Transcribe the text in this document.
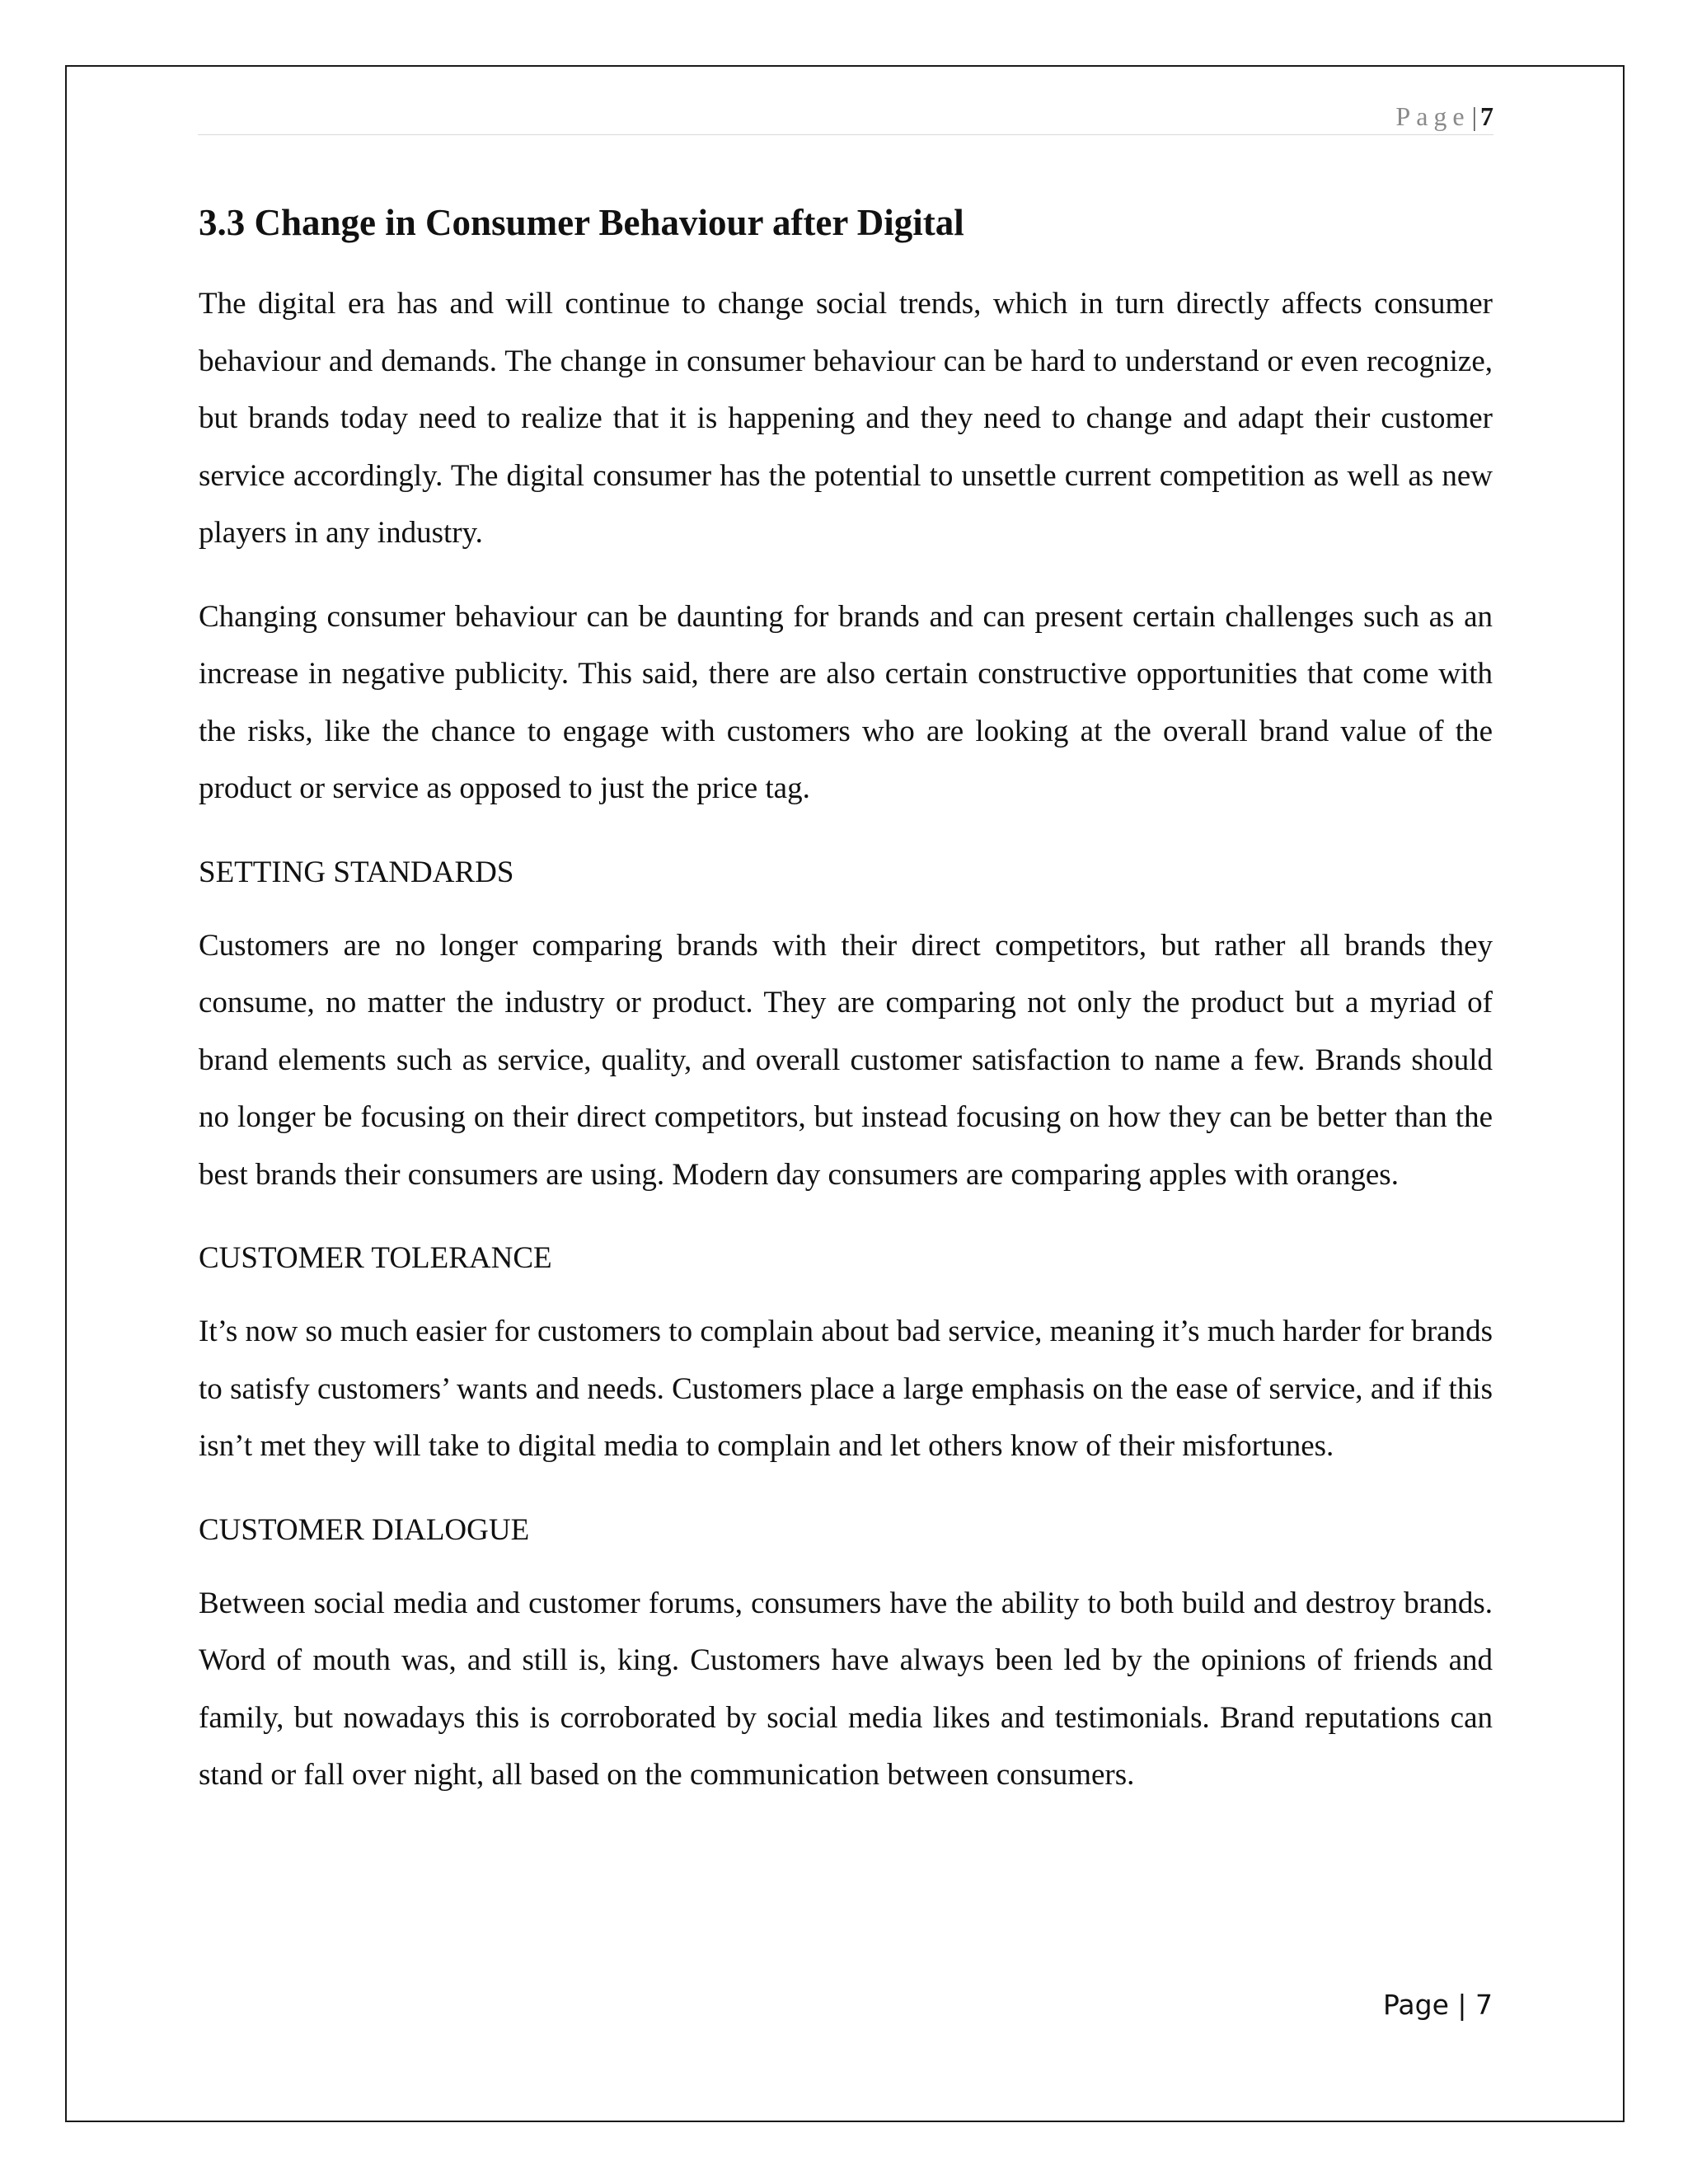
Page| 7
3.3 Change in Consumer Behaviour after Digital

The digital era has and will continue to change social trends, which in turn directly affects consumer behaviour and demands. The change in consumer behaviour can be hard to understand or even recognize, but brands today need to realize that it is happening and they need to change and adapt their customer service accordingly. The digital consumer has the potential to unsettle current competition as well as new players in any industry.

Changing consumer behaviour can be daunting for brands and can present certain challenges such as an increase in negative publicity. This said, there are also certain constructive opportunities that come with the risks, like the chance to engage with customers who are looking at the overall brand value of the product or service as opposed to just the price tag.

SETTING STANDARDS

Customers are no longer comparing brands with their direct competitors, but rather all brands they consume, no matter the industry or product. They are comparing not only the product but a myriad of brand elements such as service, quality, and overall customer satisfaction to name a few. Brands should no longer be focusing on their direct competitors, but instead focusing on how they can be better than the best brands their consumers are using. Modern day consumers are comparing apples with oranges.

CUSTOMER TOLERANCE

It’s now so much easier for customers to complain about bad service, meaning it’s much harder for brands to satisfy customers’ wants and needs. Customers place a large emphasis on the ease of service, and if this isn’t met they will take to digital media to complain and let others know of their misfortunes.

CUSTOMER DIALOGUE

Between social media and customer forums, consumers have the ability to both build and destroy brands. Word of mouth was, and still is, king. Customers have always been led by the opinions of friends and family, but nowadays this is corroborated by social media likes and testimonials. Brand reputations can stand or fall over night, all based on the communication between consumers.

Page | 7
